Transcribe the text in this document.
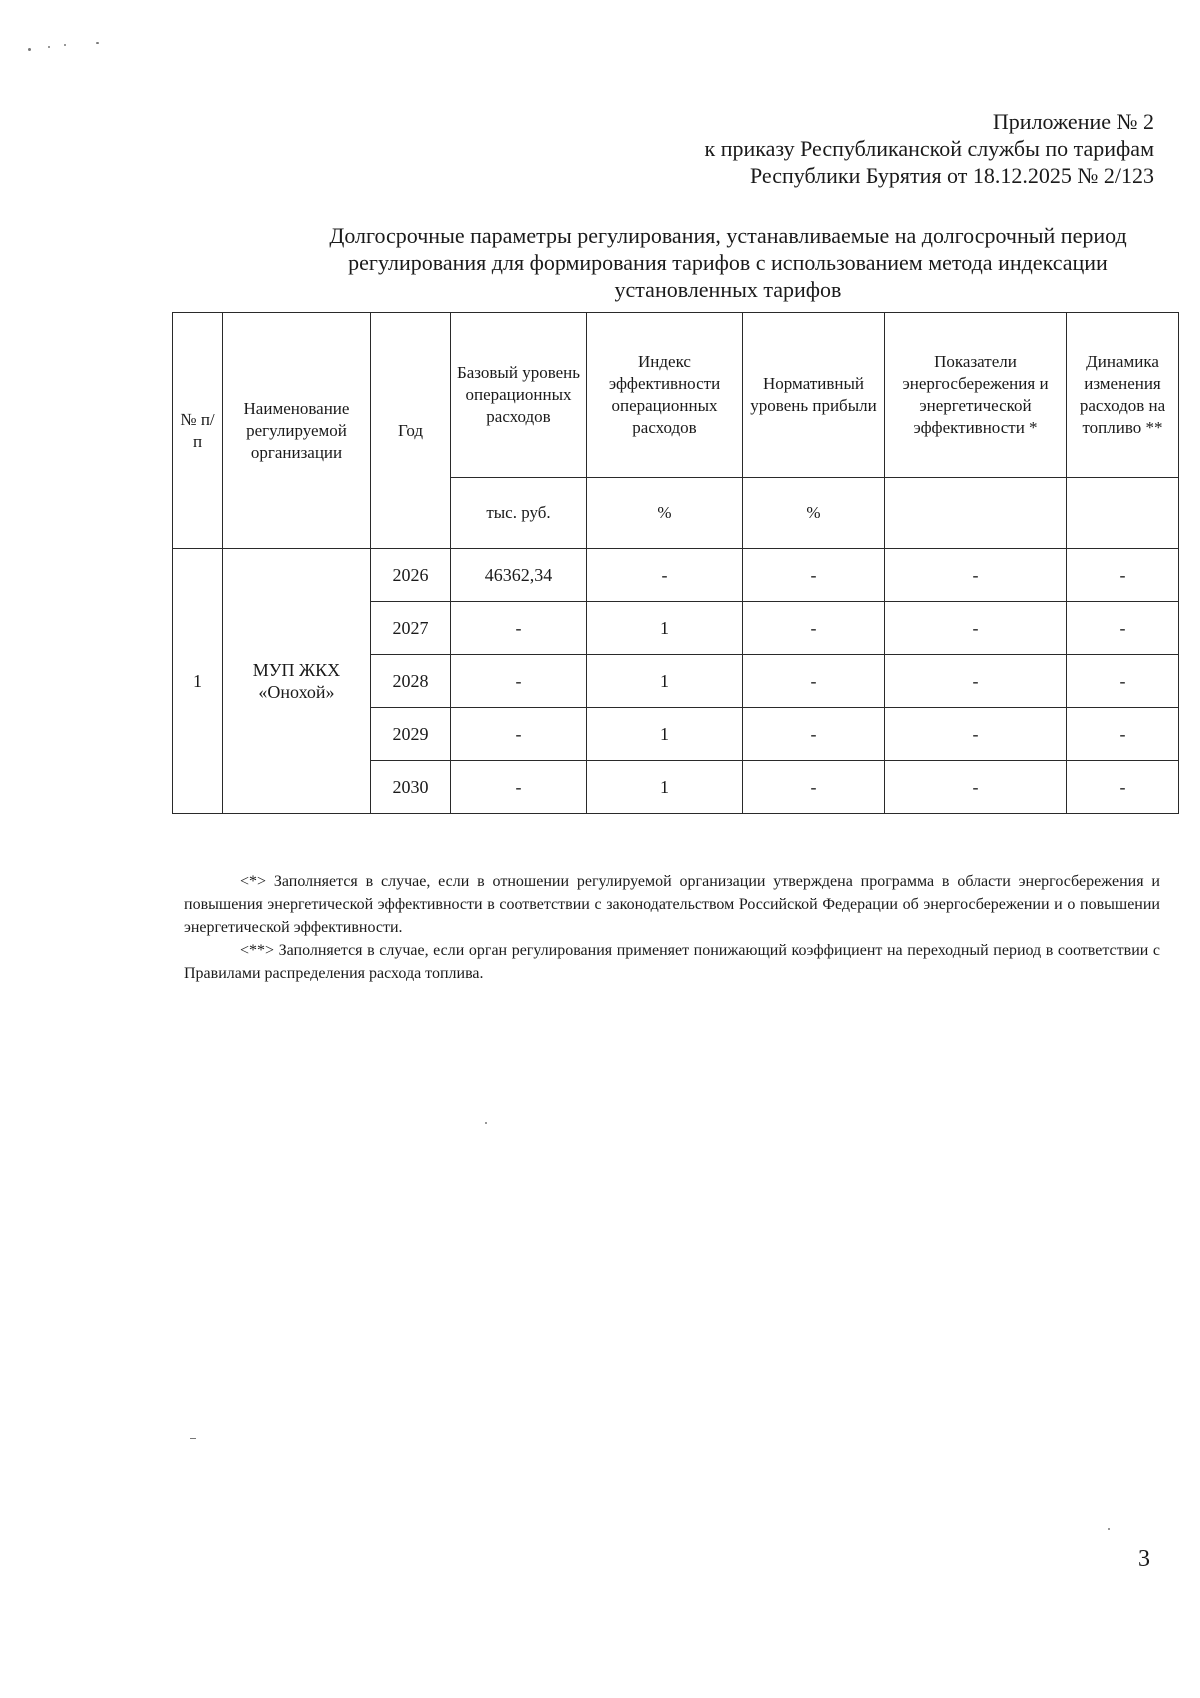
Приложение № 2
к приказу Республиканской службы по тарифам
Республики Бурятия от 18.12.2025 № 2/123
Долгосрочные параметры регулирования, устанавливаемые на долгосрочный период регулирования для формирования тарифов с использованием метода индексации установленных тарифов
№ п/п	Наименование регулируемой организации	Год	Базовый уровень операционных расходов	Индекс эффективности операционных расходов	Нормативный уровень прибыли	Показатели энергосбережения и энергетической эффективности *	Динамика изменения расходов на топливо **
			тыс. руб.	%	%		
1	МУП ЖКХ «Онохой»	2026	46362,34	-	-	-	-
		2027	-	1	-	-	-
		2028	-	1	-	-	-
		2029	-	1	-	-	-
		2030	-	1	-	-	-

<*> Заполняется в случае, если в отношении регулируемой организации утверждена программа в области энергосбережения и повышения энергетической эффективности в соответствии с законодательством Российской Федерации об энергосбережении и о повышении энергетической эффективности.

<**> Заполняется в случае, если орган регулирования применяет понижающий коэффициент на переходный период в соответствии с Правилами распределения расхода топлива.

3
